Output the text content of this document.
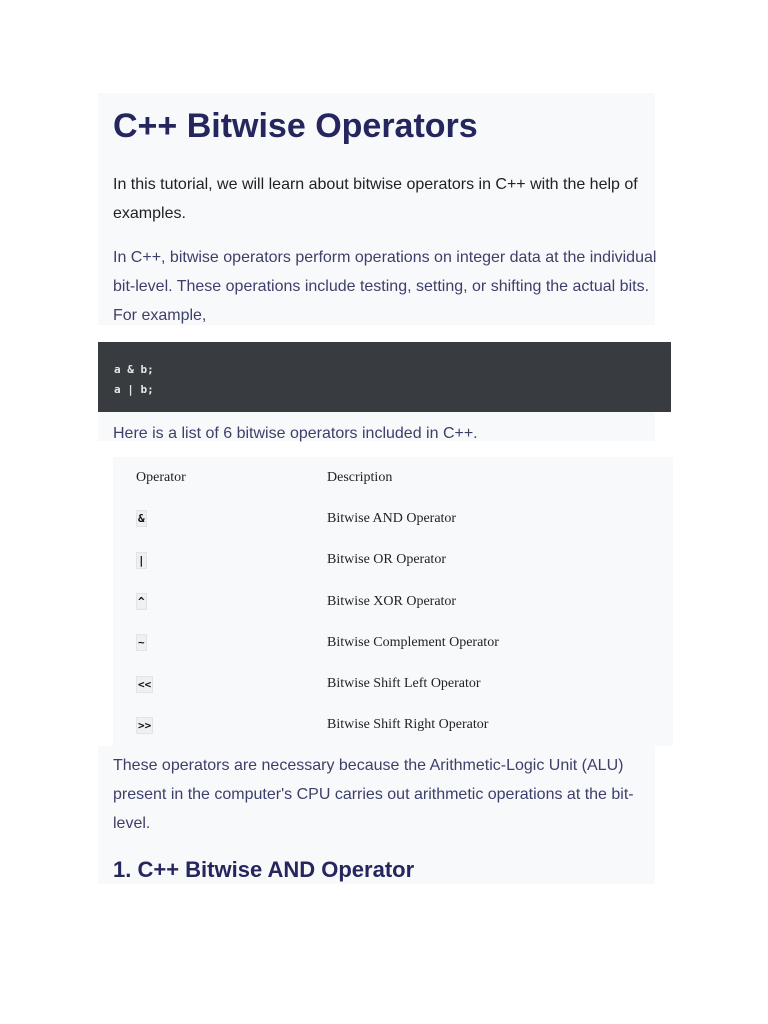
C++ Bitwise Operators

In this tutorial, we will learn about bitwise operators in C++ with the help of examples.

In C++, bitwise operators perform operations on integer data at the individual bit-level. These operations include testing, setting, or shifting the actual bits. For example,

a & b;
a | b;

Here is a list of 6 bitwise operators included in C++.

Operator	Description
&	Bitwise AND Operator
|	Bitwise OR Operator
^	Bitwise XOR Operator
~	Bitwise Complement Operator
<<	Bitwise Shift Left Operator
>>	Bitwise Shift Right Operator

These operators are necessary because the Arithmetic-Logic Unit (ALU) present in the computer's CPU carries out arithmetic operations at the bit-level.

1. C++ Bitwise AND Operator
